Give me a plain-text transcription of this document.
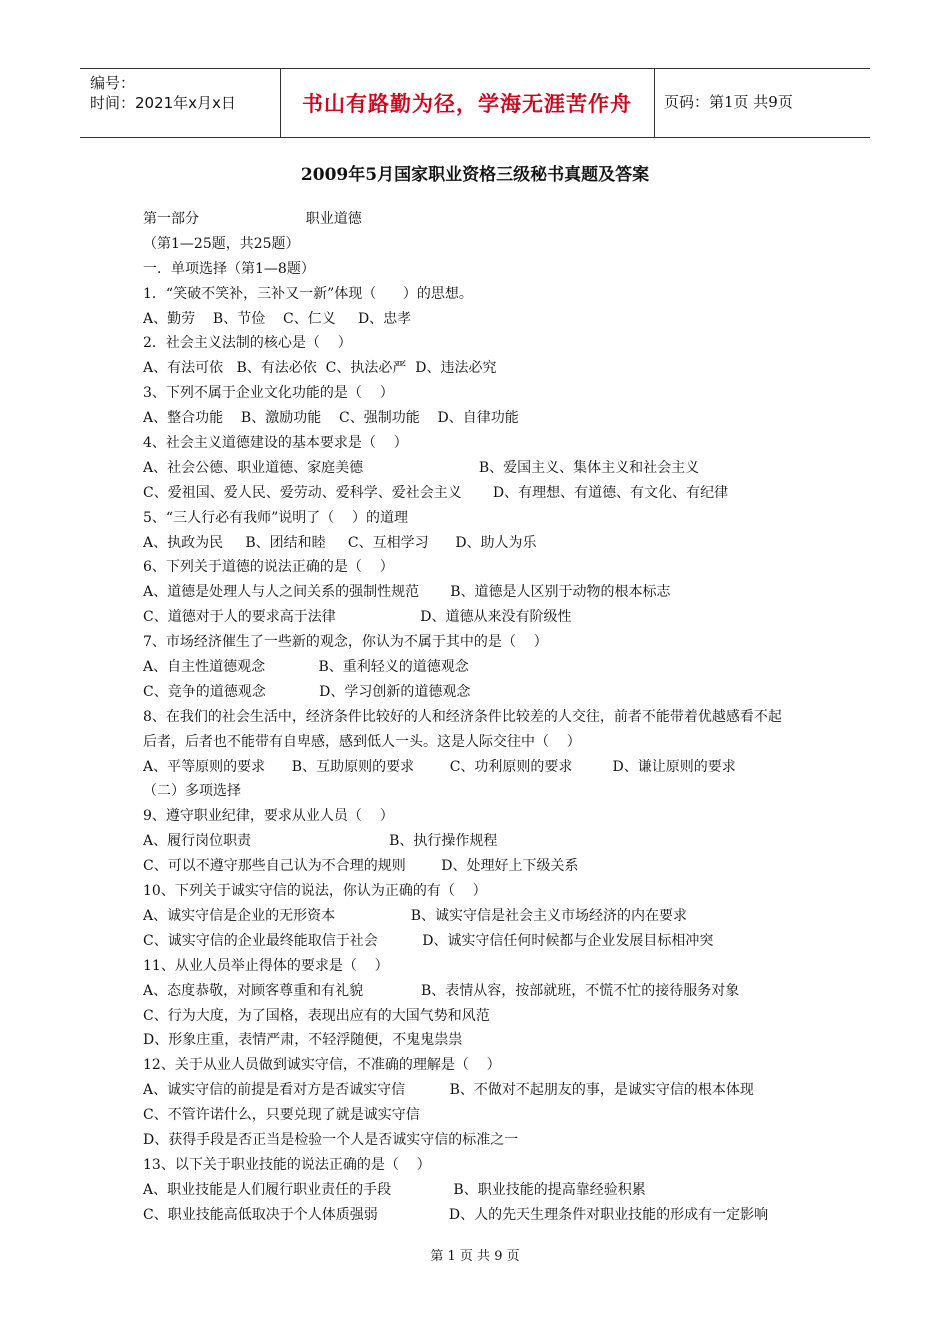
编号：
时间：2021年x月x日	书山有路勤为径，学海无涯苦作舟	页码：第1页 共9页
2009年5月国家职业资格三级秘书真题及答案
第一部分                        职业道德
（第1—25题，共25题）
一．单项选择（第1—8题）
1．“笑破不笑补，三补又一新”体现（      ）的思想。
A、勤劳    B、节俭    C、仁义     D、忠孝
2．社会主义法制的核心是（    ）
A、有法可依   B、有法必依  C、执法必严  D、违法必究
3、下列不属于企业文化功能的是（    ）
A、整合功能    B、激励功能    C、强制功能    D、自律功能
4、社会主义道德建设的基本要求是（    ）
A、社会公德、职业道德、家庭美德                          B、爱国主义、集体主义和社会主义
C、爱祖国、爱人民、爱劳动、爱科学、爱社会主义       D、有理想、有道德、有文化、有纪律
5、“三人行必有我师”说明了（    ）的道理
A、执政为民     B、团结和睦     C、互相学习      D、助人为乐
6、下列关于道德的说法正确的是（    ）
A、道德是处理人与人之间关系的强制性规范       B、道德是人区别于动物的根本标志
C、道德对于人的要求高于法律                   D、道德从来没有阶级性
7、市场经济催生了一些新的观念，你认为不属于其中的是（    ）
A、自主性道德观念            B、重利轻义的道德观念
C、竞争的道德观念            D、学习创新的道德观念
8、在我们的社会生活中，经济条件比较好的人和经济条件比较差的人交往，前者不能带着优越感看不起
后者，后者也不能带有自卑感，感到低人一头。这是人际交往中（    ）
A、平等原则的要求      B、互助原则的要求        C、功利原则的要求         D、谦让原则的要求
（二）多项选择
9、遵守职业纪律，要求从业人员（    ）
A、履行岗位职责                               B、执行操作规程
C、可以不遵守那些自己认为不合理的规则        D、处理好上下级关系
10、下列关于诚实守信的说法，你认为正确的有（    ）
A、诚实守信是企业的无形资本                 B、诚实守信是社会主义市场经济的内在要求
C、诚实守信的企业最终能取信于社会          D、诚实守信任何时候都与企业发展目标相冲突
11、从业人员举止得体的要求是（    ）
A、态度恭敬，对顾客尊重和有礼貌             B、表情从容，按部就班，不慌不忙的接待服务对象
C、行为大度，为了国格，表现出应有的大国气势和风范
D、形象庄重，表情严肃，不轻浮随便，不鬼鬼祟祟
12、关于从业人员做到诚实守信，不准确的理解是（    ）
A、诚实守信的前提是看对方是否诚实守信          B、不做对不起朋友的事，是诚实守信的根本体现
C、不管许诺什么，只要兑现了就是诚实守信
D、获得手段是否正当是检验一个人是否诚实守信的标准之一
13、以下关于职业技能的说法正确的是（    ）
A、职业技能是人们履行职业责任的手段              B、职业技能的提高靠经验积累
C、职业技能高低取决于个人体质强弱                D、人的先天生理条件对职业技能的形成有一定影响
第 1 页 共 9 页
